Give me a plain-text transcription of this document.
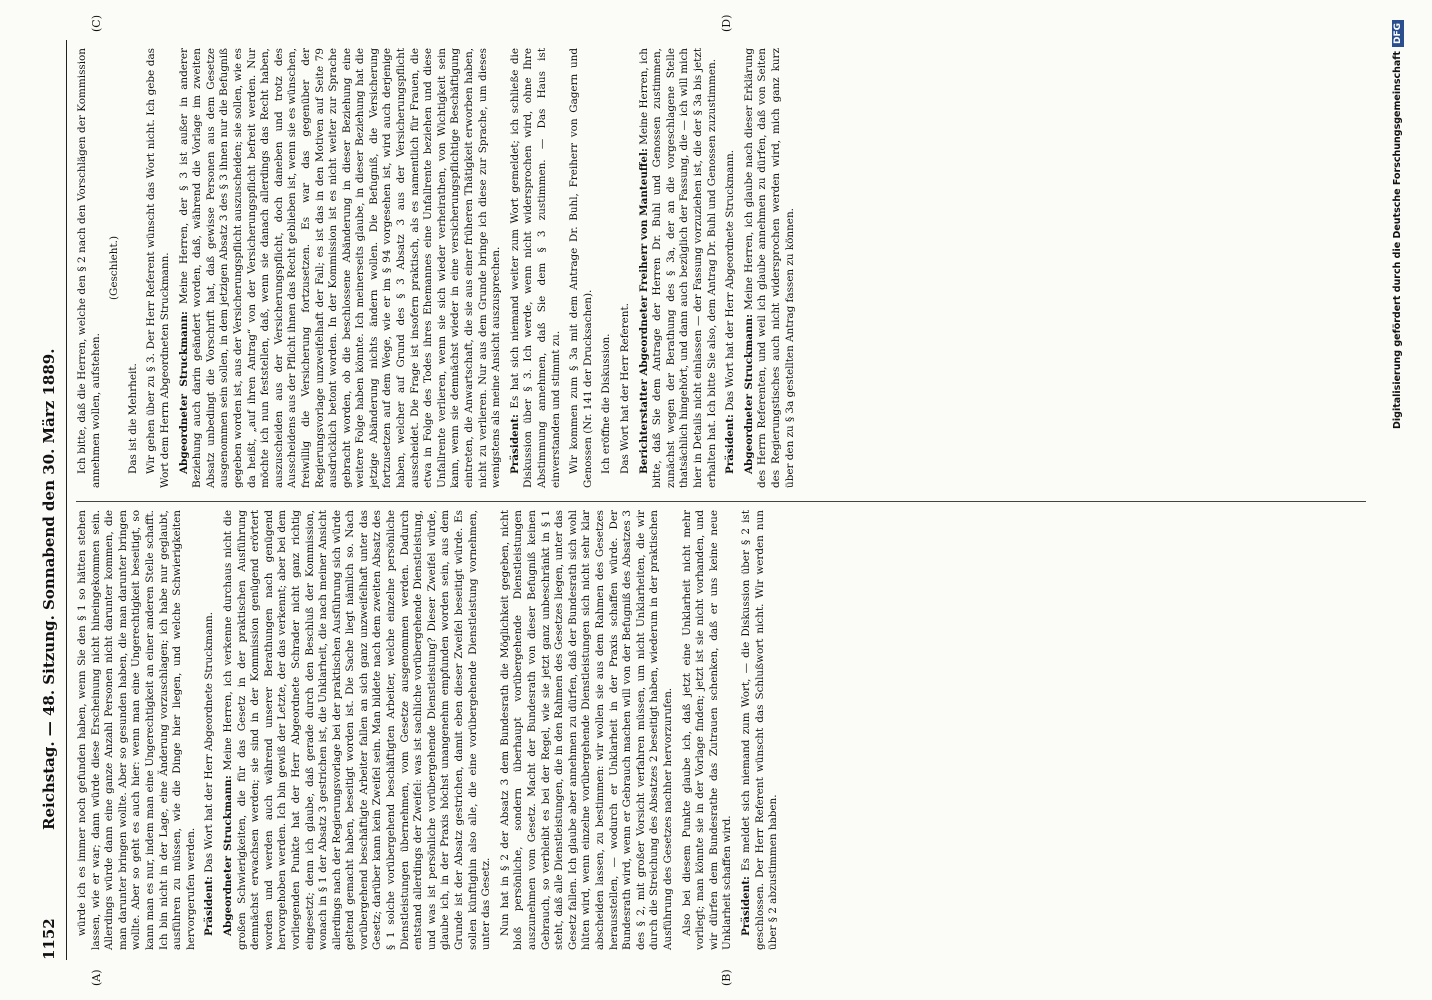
1152
Reichstag. — 48. Sitzung. Sonnabend den 30. März 1889.
(A)	(B)
(C)	(D)

würde ich es immer noch gefunden haben, wenn Sie den § 1 so hätten stehen lassen, wie er war; dann würde diese Erscheinung nicht hineingekommen sein. Allerdings würde dann eine ganze Anzahl Personen nicht darunter kommen, die man darunter bringen wollte. Aber so gesunden haben, die man darunter bringen wollte. Aber so geht es auch hier: wenn man eine Ungerechtigkeit beseitigt, so kann man es nur, indem man eine Ungerechtigkeit an einer anderen Stelle schafft. Ich bin nicht in der Lage, eine Änderung vorzuschlagen; ich habe nur geglaubt, ausführen zu müssen, wie die Dinge hier liegen, und welche Schwierigkeiten hervorgerufen werden. Präsident: Das Wort hat der Herr Abgeordnete Struckmann. Abgeordneter Struckmann: Meine Herren, ich verkenne durchaus nicht die großen Schwierigkeiten, die für das Gesetz in der praktischen Ausführung demnächst erwachsen werden; sie sind in der Kommission genügend erörtert worden und werden auch während unserer Berathungen nach genügend hervorgehoben werden. Ich bin gewiß der Letzte, der das verkennt; aber bei dem vorliegenden Punkte hat der Herr Abgeordnete Schrader nicht ganz richtig eingesetzt; denn ich glaube, daß gerade durch den Beschluß der Kommission, wonach in § 1 der Absatz 3 gestrichen ist, die Unklarheit, die nach meiner Ansicht allerdings nach der Regierungsvorlage bei der praktischen Ausführung sich würde geltend gemacht haben, beseitigt worden ist. Die Sache liegt nämlich so. Nach vorübergehend beschäftigte Arbeiter fallen an sich ganz unzweifelhaft unter das Gesetz; darüber kann kein Zweifel sein. Man bildete nach dem zweiten Absatz des § 1 solche vorübergehend beschäftigten Arbeiter, welche einzelne persönliche Dienstleistungen übernehmen, vom Gesetze ausgenommen werden. Dadurch entstand allerdings der Zweifel: was ist sachliche vorübergehende Dienstleistung, und was ist persönliche vorübergehende Dienstleistung? Dieser Zweifel würde, glaube ich, in der Praxis höchst unangenehm empfunden worden sein, aus dem Grunde ist der Absatz gestrichen, damit eben dieser Zweifel beseitigt würde. Es sollen künftighin also alle, die eine vorübergehende Dienstleistung vornehmen, unter das Gesetz. Nun hat in § 2 der Absatz 3 dem Bundesrath die Möglichkeit gegeben, nicht bloß persönliche, sondern überhaupt vorübergehende Dienstleistungen auszunehmen vom Gesetz. Macht der Bundesrath von dieser Befugniß keinen Gebrauch, so verbleibt es bei der Regel, wie sie jetzt ganz unbeschränkt in § 1 steht, daß alle Dienstleistungen, die in den Rahmen des Gesetzes liegen, unter das Gesetz fallen. Ich glaube aber annehmen zu dürfen, daß der Bundesrath sich wohl hüten wird, wenn einzelne vorübergehende Dienstleistungen sich nicht sehr klar abscheiden lassen, zu bestimmen: wir wollen sie aus dem Rahmen des Gesetzes herausstellen, — wodurch er Unklarheit in der Praxis schaffen würde. Der Bundesrath wird, wenn er Gebrauch machen will von der Befugniß des Absatzes 3 des § 2, mit großer Vorsicht verfahren müssen, um nicht Unklarheiten, die wir durch die Streichung des Absatzes 2 beseitigt haben, wiederum in der praktischen Ausführung des Gesetzes nachher hervorzurufen. Also bei diesem Punkte glaube ich, daß jetzt eine Unklarheit nicht mehr vorliegt; man könnte sie in der Vorlage finden; jetzt ist sie nicht vorhanden, und wir dürfen dem Bundesrathe das Zutrauen schenken, daß er uns keine neue Unklarheit schaffen wird. Präsident: Es meldet sich niemand zum Wort, — die Diskussion über § 2 ist geschlossen. Der Herr Referent wünscht das Schlußwort nicht. Wir werden nun über § 2 abzustimmen haben.

Ich bitte, daß die Herren, welche den § 2 nach den Vorschlägen der Kommission annehmen wollen, aufstehen.

(Geschieht.)

Das ist die Mehrheit. Wir gehen über zu § 3. Der Herr Referent wünscht das Wort nicht. Ich gebe das Wort dem Herrn Abgeordneten Struckmann. Abgeordneter Struckmann: Meine Herren, der § 3 ist außer in anderer Beziehung auch darin geändert worden, daß, während die Vorlage im zweiten Absatz unbedingt die Vorschrift hat, daß gewisse Personen aus dem Gesetze ausgenommen sein sollen, in dem jetzigen Absatz 3 des § 3 ihnen nur die Befugniß gegeben worden ist, aus der Versicherungspflicht auszuscheiden; sie sollen, wie es da heißt, „auf ihren Antrag“ von der Versicherungspflicht befreit werden. Nur möchte ich nun feststellen, daß, wenn sie danach allerdings das Recht haben, auszuscheiden aus der Versicherungspflicht, doch daneben und trotz des Ausscheidens aus der Pflicht ihnen das Recht geblieben ist, wenn sie es wünschen, freiwillig die Versicherung fortzusetzen. Es war das gegenüber der Regierungsvorlage unzweifelhaft der Fall; es ist das in den Motiven auf Seite 79 ausdrücklich betont worden. In der Kommission ist es nicht weiter zur Sprache gebracht worden, ob die beschlossene Abänderung in dieser Beziehung eine weitere Folge haben könnte. Ich meinerseits glaube, in dieser Beziehung hat die jetzige Abänderung nichts ändern wollen. Die Befugniß, die Versicherung fortzusetzen auf dem Wege, wie er im § 94 vorgesehen ist, wird auch derjenige haben, welcher auf Grund des § 3 Absatz 3 aus der Versicherungspflicht ausscheidet. Die Frage ist insofern praktisch, als es namentlich für Frauen, die etwa in Folge des Todes ihres Ehemannes eine Unfallrente beziehen und diese Unfallrente verlieren, wenn sie sich wieder verheirathen, von Wichtigkeit sein kann, wenn sie demnächst wieder in eine versicherungspflichtige Beschäftigung eintreten, die Anwartschaft, die sie aus einer früheren Thätigkeit erworben haben, nicht zu verlieren. Nur aus dem Grunde bringe ich diese zur Sprache, um dieses wenigstens als meine Ansicht auszusprechen. Präsident: Es hat sich niemand weiter zum Wort gemeldet; ich schließe die Diskussion über § 3. Ich werde, wenn nicht widersprochen wird, ohne Ihre Abstimmung annehmen, daß Sie dem § 3 zustimmen. — Das Haus ist einverstanden und stimmt zu. Wir kommen zum § 3a mit dem Antrage Dr. Buhl, Freiherr von Gagern und Genossen (Nr. 141 der Drucksachen). Ich eröffne die Diskussion. Das Wort hat der Herr Referent. Berichterstatter Abgeordneter Freiherr von Manteuffel: Meine Herren, ich bitte, daß Sie dem Antrage der Herren Dr. Buhl und Genossen zustimmen, zunächst wegen der Berathung des § 3a, der an die vorgeschlagene Stelle thatsächlich hingehört, und dann auch bezüglich der Fassung, die — ich will mich hier in Details nicht einlassen — der Fassung vorzuziehen ist, die der § 3a bis jetzt erhalten hat. Ich bitte Sie also, dem Antrag Dr. Buhl und Genossen zuzustimmen. Präsident: Das Wort hat der Herr Abgeordnete Struckmann. Abgeordneter Struckmann: Meine Herren, ich glaube nach dieser Erklärung des Herrn Referenten, und weil ich glaube annehmen zu dürfen, daß von Seiten des Regierungstisches auch nicht widersprochen werden wird, mich ganz kurz über den zu § 3a gestellten Antrag fassen zu können.	Digitalisierung gefördert durch die Deutsche ForschungsgemeinschaftDFG
